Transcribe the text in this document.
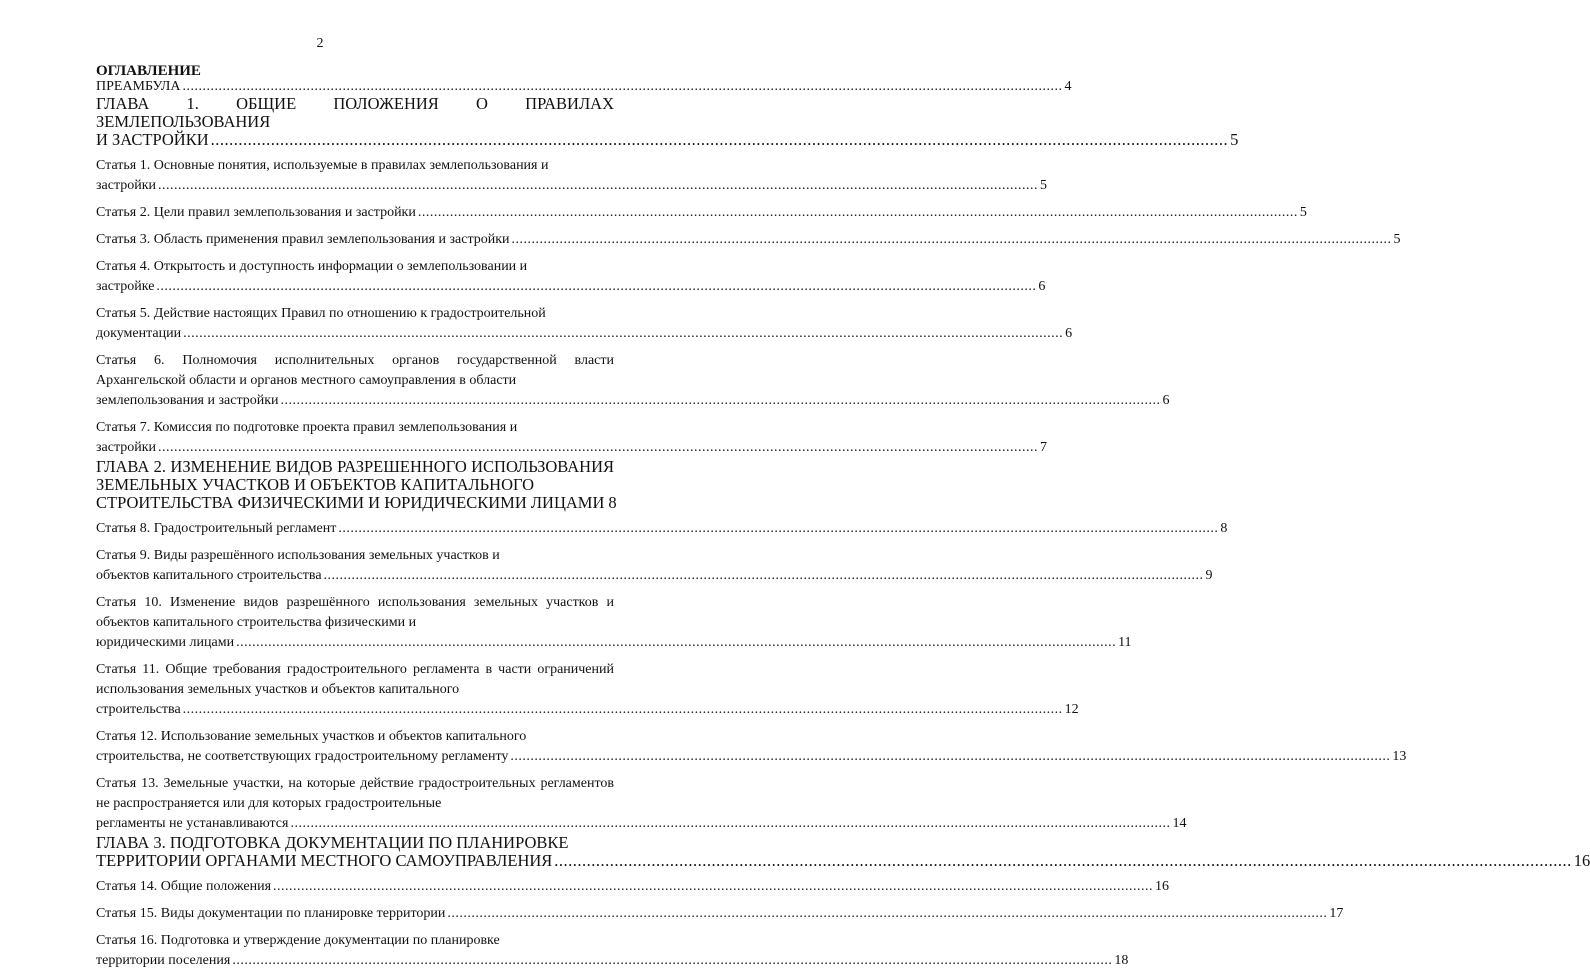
2
ОГЛАВЛЕНИЕ
ПРЕАМБУЛА ............................................................................................................................................................................................................................ 4
ГЛАВА 1. ОБЩИЕ ПОЛОЖЕНИЯ О ПРАВИЛАХ ЗЕМЛЕПОЛЬЗОВАНИЯ
И ЗАСТРОЙКИ ............................................................................................................................................................................................................................ 5
Статья 1. Основные понятия, используемые в правилах землепользования и
застройки ............................................................................................................................................................................................................................ 5
Статья 2. Цели правил землепользования и застройки ............................................................................................................................................................................................................................ 5
Статья 3. Область применения правил землепользования и застройки ............................................................................................................................................................................................................................ 5
Статья 4. Открытость и доступность информации о землепользовании и
застройке ............................................................................................................................................................................................................................ 6
Статья 5. Действие настоящих Правил по отношению к градостроительной
документации ............................................................................................................................................................................................................................ 6
Статья 6. Полномочия исполнительных органов государственной власти Архангельской области и органов местного самоуправления в области
землепользования и застройки ............................................................................................................................................................................................................................ 6
Статья 7. Комиссия по подготовке проекта правил землепользования и
застройки ............................................................................................................................................................................................................................ 7
ГЛАВА 2. ИЗМЕНЕНИЕ ВИДОВ РАЗРЕШЕННОГО ИСПОЛЬЗОВАНИЯ ЗЕМЕЛЬНЫХ УЧАСТКОВ И ОБЪЕКТОВ КАПИТАЛЬНОГО
СТРОИТЕЛЬСТВА ФИЗИЧЕСКИМИ И ЮРИДИЧЕСКИМИ ЛИЦАМИ 8
Статья 8. Градостроительный регламент ............................................................................................................................................................................................................................ 8
Статья 9. Виды разрешённого использования земельных участков и
объектов капитального строительства ............................................................................................................................................................................................................................ 9
Статья 10. Изменение видов разрешённого использования земельных участков и объектов капитального строительства физическими и
юридическими лицами ............................................................................................................................................................................................................................ 11
Статья 11. Общие требования градостроительного регламента в части ограничений использования земельных участков и объектов капитального
строительства ............................................................................................................................................................................................................................ 12
Статья 12. Использование земельных участков и объектов капитального
строительства, не соответствующих градостроительному регламенту ............................................................................................................................................................................................................................ 13
Статья 13. Земельные участки, на которые действие градостроительных регламентов не распространяется или для которых градостроительные
регламенты не устанавливаются ............................................................................................................................................................................................................................ 14
ГЛАВА 3. ПОДГОТОВКА ДОКУМЕНТАЦИИ ПО ПЛАНИРОВКЕ
ТЕРРИТОРИИ ОРГАНАМИ МЕСТНОГО САМОУПРАВЛЕНИЯ ............................................................................................................................................................................................................................ 16
Статья 14. Общие положения ............................................................................................................................................................................................................................ 16
Статья 15. Виды документации по планировке территории ............................................................................................................................................................................................................................ 17
Статья 16. Подготовка и утверждение документации по планировке
территории поселения ............................................................................................................................................................................................................................ 18
